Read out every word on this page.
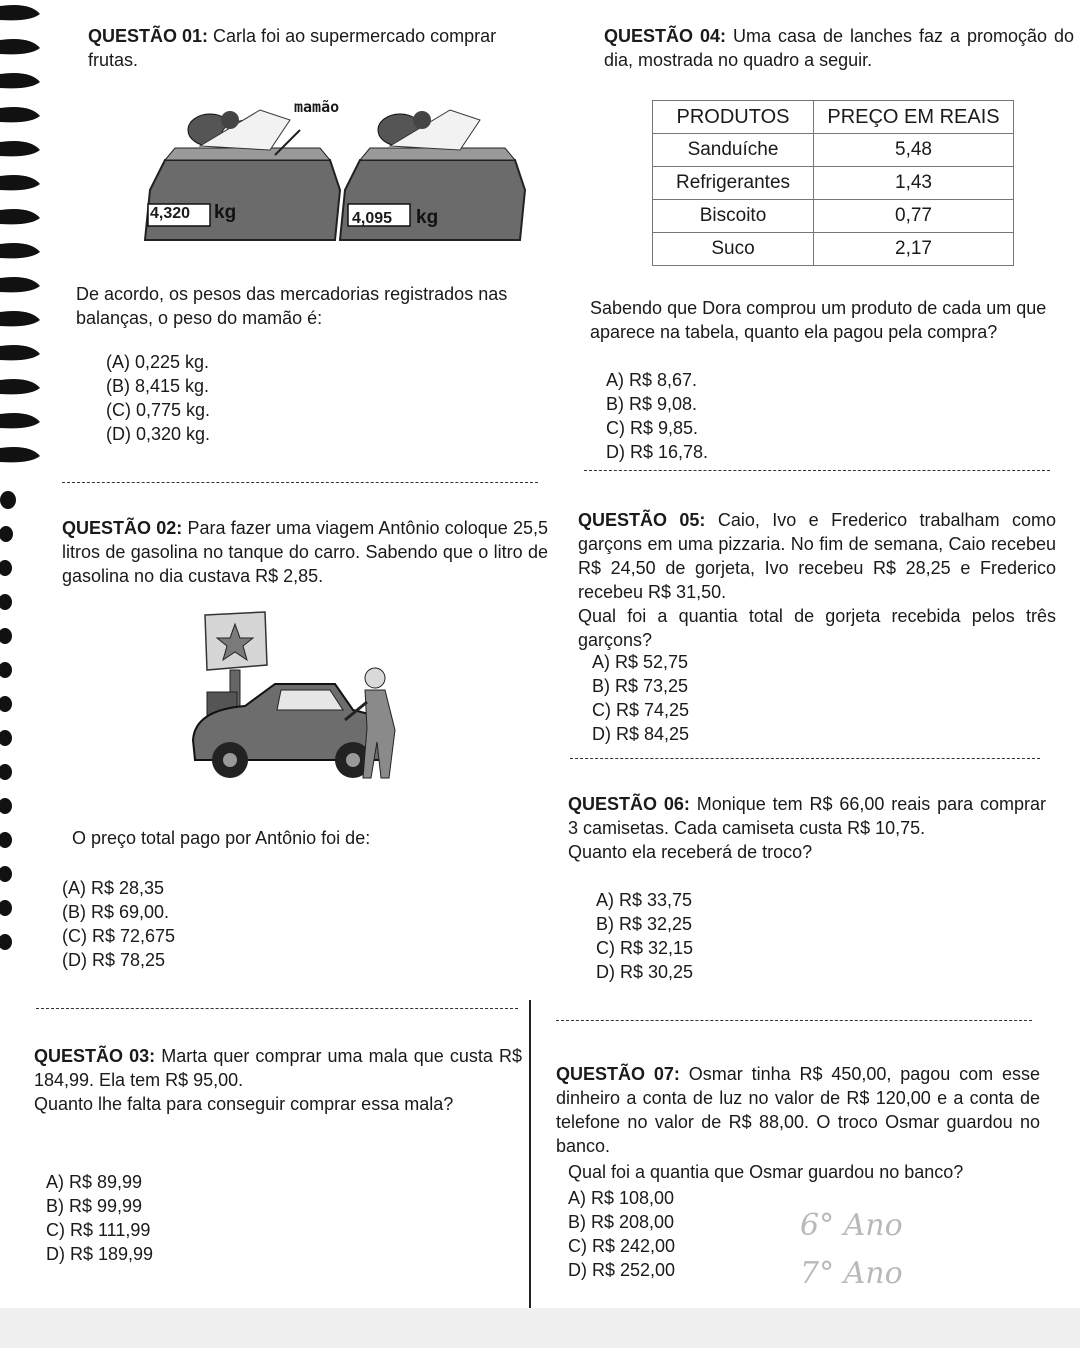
QUESTÃO 01: Carla foi ao supermercado comprar frutas.
mamão
4,320 kg	4,095 kg
De acordo, os pesos das mercadorias registrados nas balanças, o peso do mamão é:
(A) 0,225 kg.
(B) 8,415 kg.
(C) 0,775 kg.
(D) 0,320 kg.
QUESTÃO 02: Para fazer uma viagem Antônio coloque 25,5 litros de gasolina no tanque do carro. Sabendo que o litro de gasolina no dia custava R$ 2,85.
O preço total pago por Antônio foi de:
(A) R$ 28,35
(B) R$ 69,00.
(C) R$ 72,675
(D) R$ 78,25
QUESTÃO 03: Marta quer comprar uma mala que custa R$ 184,99. Ela tem R$ 95,00.
Quanto lhe falta para conseguir comprar essa mala?
A) R$ 89,99
B) R$ 99,99
C) R$ 111,99
D) R$ 189,99
QUESTÃO 04: Uma casa de lanches faz a promoção do dia, mostrada no quadro a seguir.
PRODUTOS	PREÇO EM REAIS
Sanduíche	5,48
Refrigerantes	1,43
Biscoito	0,77
Suco	2,17
Sabendo que Dora comprou um produto de cada um que aparece na tabela, quanto ela pagou pela compra?
A) R$ 8,67.
B) R$ 9,08.
C) R$ 9,85.
D) R$ 16,78.
QUESTÃO 05: Caio, Ivo e Frederico trabalham como garçons em uma pizzaria. No fim de semana, Caio recebeu R$ 24,50 de gorjeta, Ivo recebeu R$ 28,25 e Frederico recebeu R$ 31,50.
Qual foi a quantia total de gorjeta recebida pelos três garçons?
A) R$ 52,75
B) R$ 73,25
C) R$ 74,25
D) R$ 84,25
QUESTÃO 06: Monique tem R$ 66,00 reais para comprar 3 camisetas. Cada camiseta custa R$ 10,75.
Quanto ela receberá de troco?
A) R$ 33,75
B) R$ 32,25
C) R$ 32,15
D) R$ 30,25
QUESTÃO 07: Osmar tinha R$ 450,00, pagou com esse dinheiro a conta de luz no valor de R$ 120,00 e a conta de telefone no valor de R$ 88,00. O troco Osmar guardou no banco.
Qual foi a quantia que Osmar guardou no banco?
A) R$ 108,00
B) R$ 208,00
C) R$ 242,00
D) R$ 252,00
6° Ano
7° Ano
